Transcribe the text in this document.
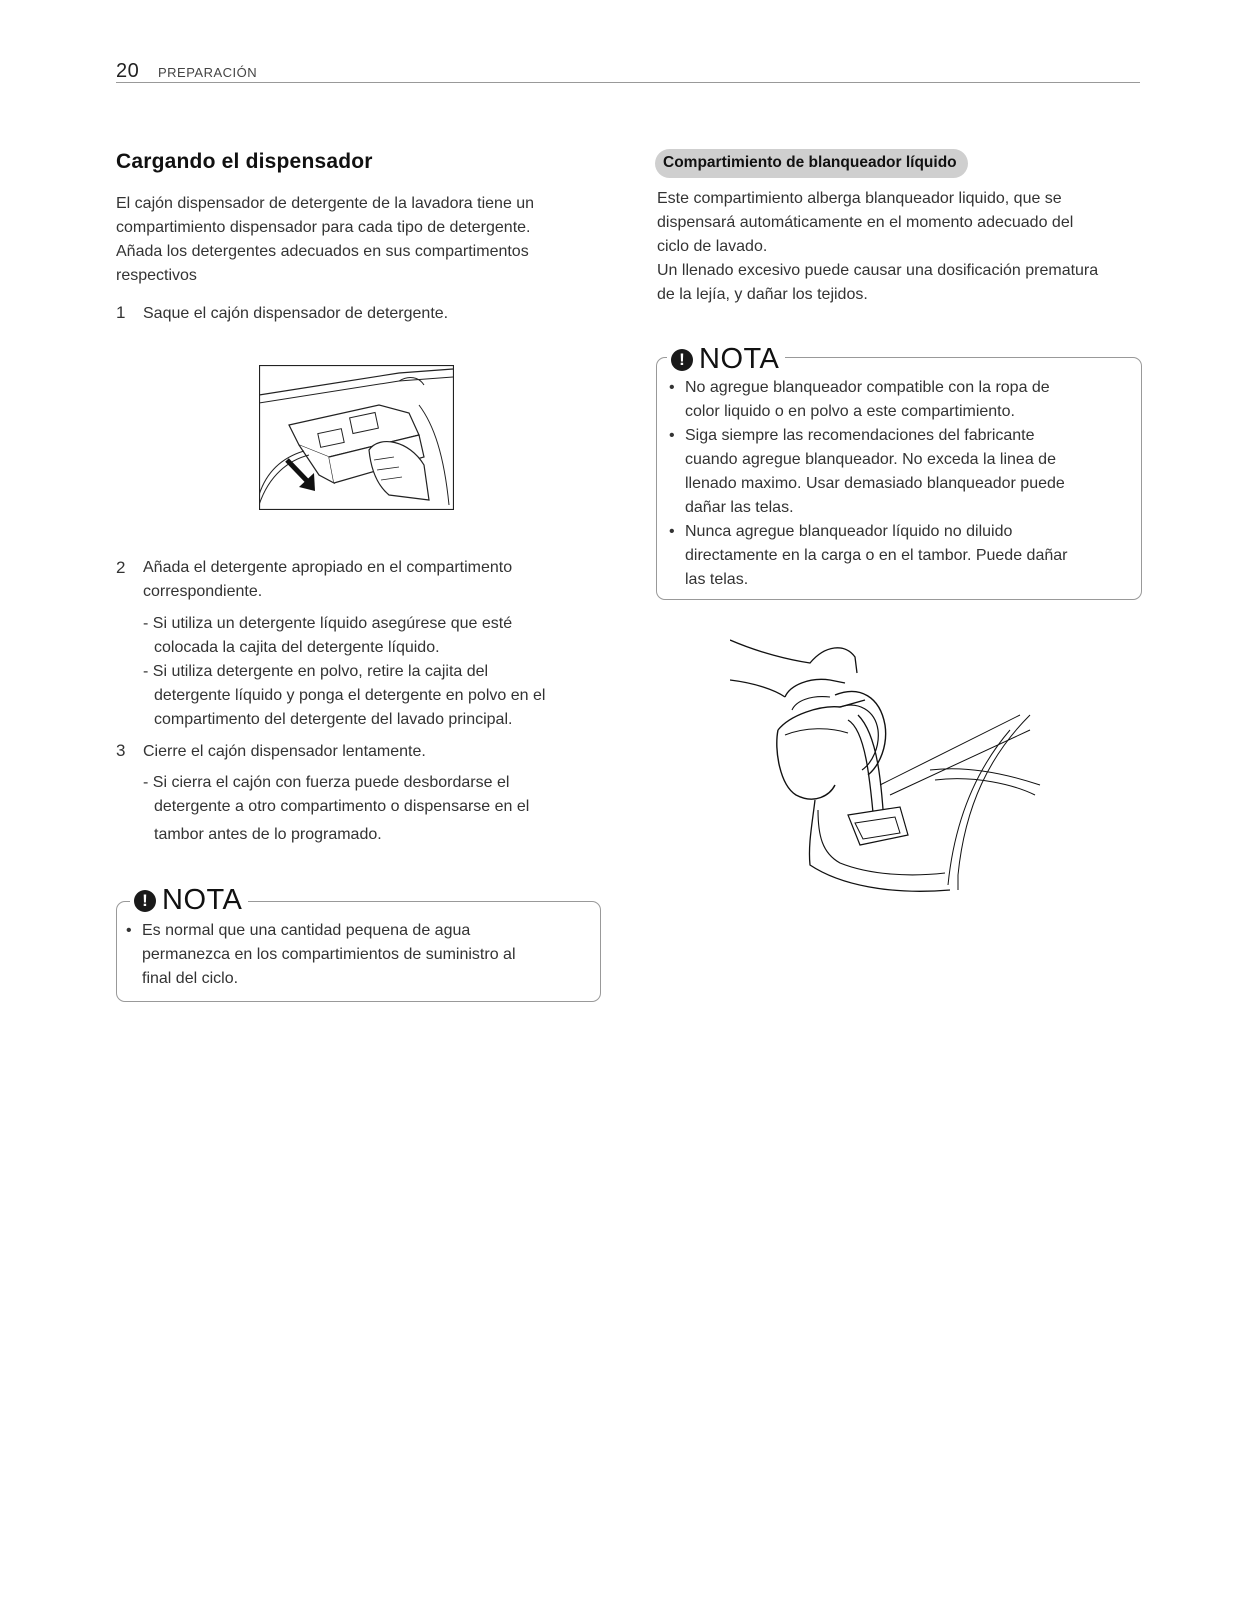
20 PREPARACIÓN
Cargando el dispensador

El cajón dispensador de detergente de la lavadora tiene un

compartimiento dispensador para cada tipo de detergente.

Añada los detergentes adecuados en sus compartimentos

respectivos

1 Saque el cajón dispensador de detergente.
2 Añada el detergente apropiado en el compartimento
correspondiente.
- Si utiliza un detergente líquido asegúrese que esté
colocada la cajita del detergente líquido.
- Si utiliza detergente en polvo, retire la cajita del
detergente líquido y ponga el detergente en polvo en el
compartimento del detergente del lavado principal.
3 Cierre el cajón dispensador lentamente.
- Si cierra el cajón con fuerza puede desbordarse el
detergente a otro compartimento o dispensarse en el
tambor antes de lo programado.
! NOTA
• Es normal que una cantidad pequena de agua
permanezca en los compartimientos de suministro al
final del ciclo.
Compartimiento de blanqueador líquido

Este compartimiento alberga blanqueador liquido, que se

dispensará automáticamente en el momento adecuado del

ciclo de lavado.

Un llenado excesivo puede causar una dosificación prematura

de la lejía, y dañar los tejidos.

! NOTA
• No agregue blanqueador compatible con la ropa de
color liquido o en polvo a este compartimiento.
• Siga siempre las recomendaciones del fabricante
cuando agregue blanqueador. No exceda la linea de
llenado maximo. Usar demasiado blanqueador puede
dañar las telas.
• Nunca agregue blanqueador líquido no diluido
directamente en la carga o en el tambor. Puede dañar
las telas.
